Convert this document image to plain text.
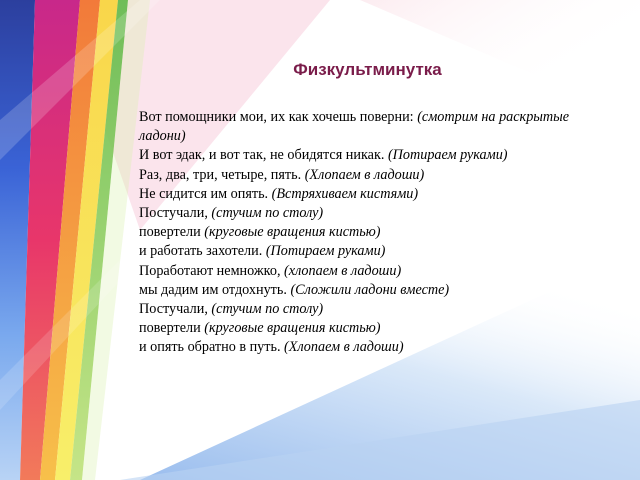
Физкультминутка
Вот помощники мои, их как хочешь поверни: (смотрим на раскрытые ладони)
И вот эдак, и вот так, не обидятся никак. (Потираем руками)
Раз, два, три, четыре, пять. (Хлопаем в ладоши)
Не сидится им опять. (Встряхиваем кистями)
Постучали, (стучим по столу)
повертели (круговые вращения кистью)
и работать захотели. (Потираем руками)
Поработают немножко, (хлопаем в ладоши)
мы дадим им отдохнуть. (Сложили ладони вместе)
Постучали, (стучим по столу)
повертели (круговые вращения кистью)
и опять обратно в путь. (Хлопаем в ладоши)
